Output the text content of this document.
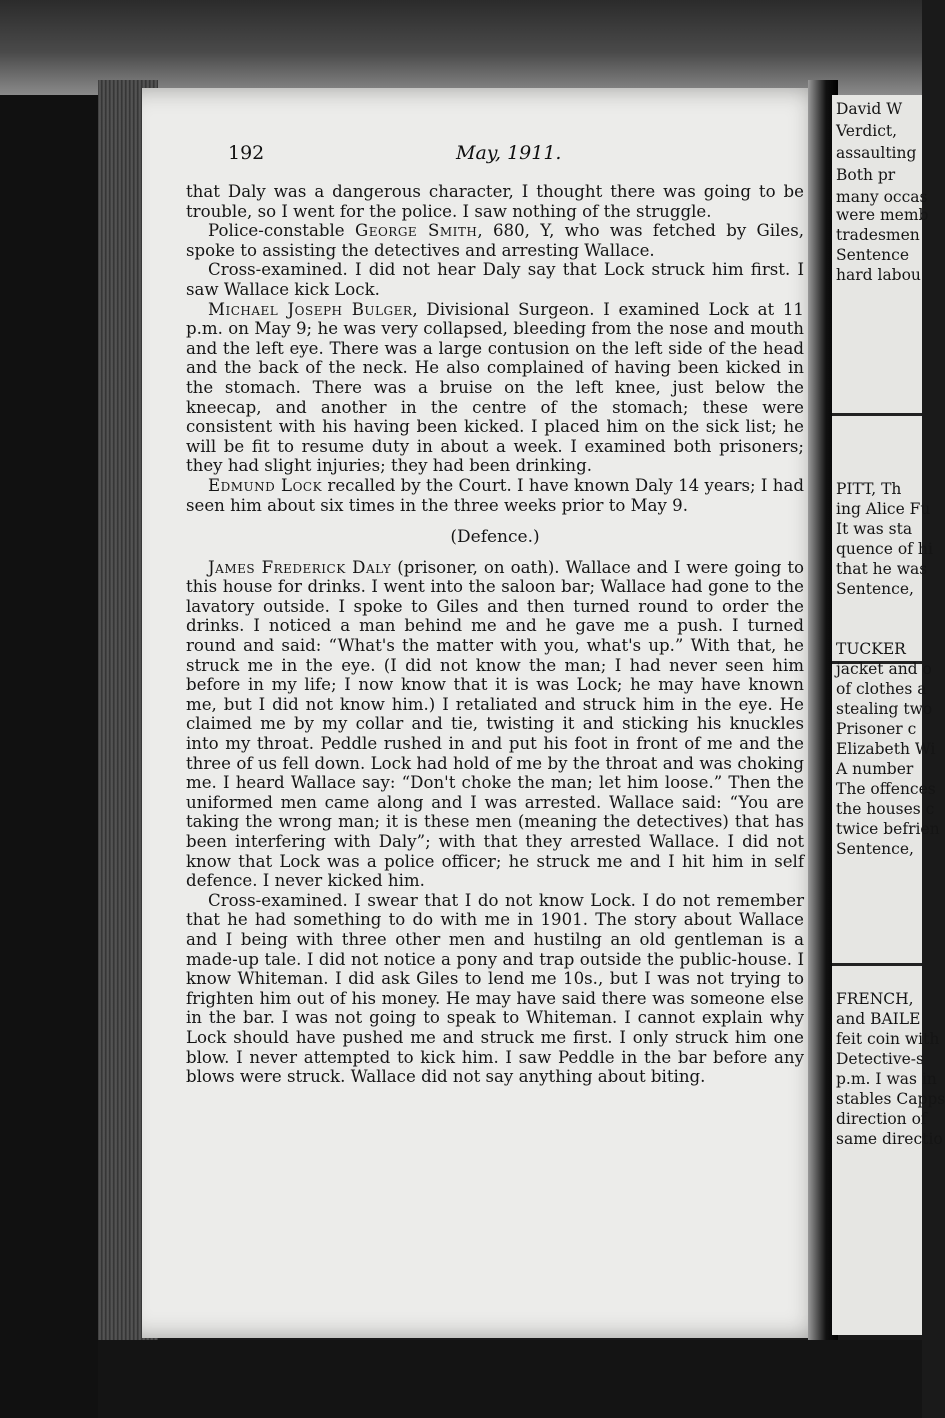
David W
Verdict,
assaulting
Both pr
many occas
were memb
tradesmen
Sentence
hard labou
PITT, Th
ing Alice Fu
It was sta
quence of hi
that he was
Sentence,
TUCKER
jacket and o
of clothes a
stealing two
Prisoner c
Elizabeth Wi
A number
The offences
the houses c
twice befrien
Sentence,
FRENCH,
and BAILE
feit coin with
Detective-s
p.m. I was in
stables Capps
direction of
same directio
192	May, 1911.

that Daly was a dangerous character, I thought there was going to be trouble, so I went for the police. I saw nothing of the struggle.

Police-constable George Smith, 680, Y, who was fetched by Giles, spoke to assisting the detectives and arresting Wallace.

Cross-examined. I did not hear Daly say that Lock struck him first. I saw Wallace kick Lock.

Michael Joseph Bulger, Divisional Surgeon. I examined Lock at 11 p.m. on May 9; he was very collapsed, bleeding from the nose and mouth and the left eye. There was a large contusion on the left side of the head and the back of the neck. He also complained of having been kicked in the stomach. There was a bruise on the left knee, just below the kneecap, and another in the centre of the stomach; these were consistent with his having been kicked. I placed him on the sick list; he will be fit to resume duty in about a week. I examined both prisoners; they had slight injuries; they had been drinking.

Edmund Lock recalled by the Court. I have known Daly 14 years; I had seen him about six times in the three weeks prior to May 9.

(Defence.)

James Frederick Daly (prisoner, on oath). Wallace and I were going to this house for drinks. I went into the saloon bar; Wallace had gone to the lavatory outside. I spoke to Giles and then turned round to order the drinks. I noticed a man behind me and he gave me a push. I turned round and said: “What's the matter with you, what's up.” With that, he struck me in the eye. (I did not know the man; I had never seen him before in my life; I now know that it is was Lock; he may have known me, but I did not know him.) I retaliated and struck him in the eye. He claimed me by my collar and tie, twisting it and sticking his knuckles into my throat. Peddle rushed in and put his foot in front of me and the three of us fell down. Lock had hold of me by the throat and was choking me. I heard Wallace say: “Don't choke the man; let him loose.” Then the uniformed men came along and I was arrested. Wallace said: “You are taking the wrong man; it is these men (meaning the detectives) that has been interfering with Daly”; with that they arrested Wallace. I did not know that Lock was a police officer; he struck me and I hit him in self defence. I never kicked him.

Cross-examined. I swear that I do not know Lock. I do not remember that he had something to do with me in 1901. The story about Wallace and I being with three other men and hustilng an old gentleman is a made-up tale. I did not notice a pony and trap outside the public-house. I know Whiteman. I did ask Giles to lend me 10s., but I was not trying to frighten him out of his money. He may have said there was someone else in the bar. I was not going to speak to Whiteman. I cannot explain why Lock should have pushed me and struck me first. I only struck him one blow. I never attempted to kick him. I saw Peddle in the bar before any blows were struck. Wallace did not say anything about biting.
